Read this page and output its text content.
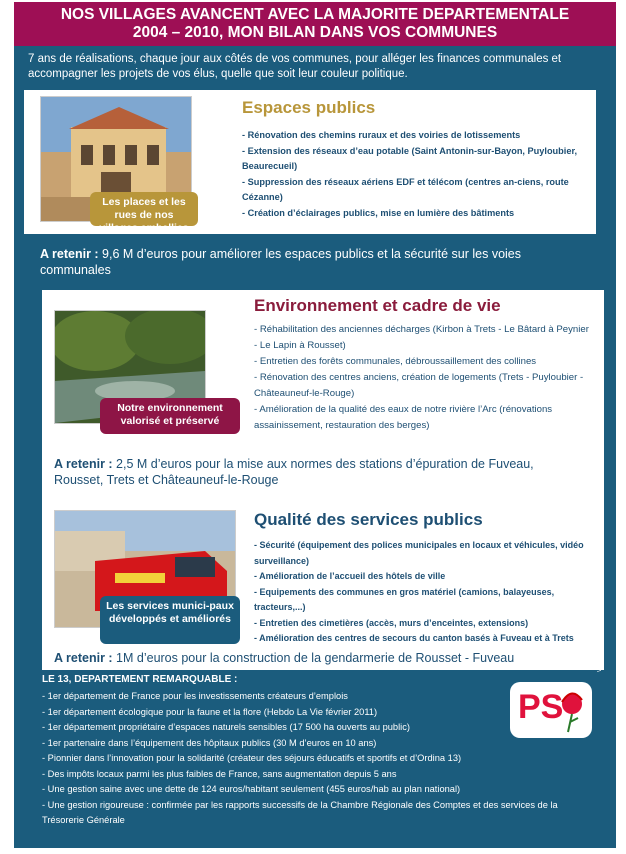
NOS VILLAGES AVANCENT AVEC LA MAJORITE DEPARTEMENTALE
2004 – 2010, MON BILAN DANS VOS COMMUNES
7 ans de réalisations, chaque jour aux côtés de vos communes, pour alléger les finances communales et accompagner les projets de vos élus, quelle que soit leur couleur politique.
Les places et les rues de nos villages embellies
Espaces publics
- Rénovation des chemins ruraux et des voiries de lotissements
- Extension des réseaux d’eau potable (Saint Antonin-sur-Bayon, Puyloubier, Beaurecueil)
- Suppression des réseaux aériens EDF et télécom (centres an-ciens, route Cézanne)
- Création d’éclairages publics, mise en lumière des bâtiments
A retenir : 9,6 M d’euros pour améliorer les espaces publics et la sécurité sur les voies communales
Notre environnement valorisé et préservé
Environnement et cadre de vie
- Réhabilitation des anciennes décharges (Kirbon à Trets - Le Bâtard à Peynier - Le Lapin à Rousset)
- Entretien des forêts communales, débroussaillement des collines
- Rénovation des centres anciens, création de logements (Trets - Puyloubier - Châteauneuf-le-Rouge)
- Amélioration de la qualité des eaux de notre rivière l’Arc (rénovations assainissement, restauration des berges)
A retenir : 2,5 M d’euros pour la mise aux normes des stations d’épuration de Fuveau, Rousset, Trets et Châteauneuf-le-Rouge
Les services munici-paux développés et améliorés
Qualité des services publics
- Sécurité (équipement des polices municipales en locaux et véhicules, vidéo surveillance)
- Amélioration de l’accueil des hôtels de ville
- Equipements des communes en gros matériel (camions, balayeuses, tracteurs,...)
- Entretien des cimetières (accès, murs d’enceintes, extensions)
- Amélioration des centres de secours du canton basés à Fuveau et à Trets
A retenir : 1M d’euros pour la construction de la gendarmerie de Rousset - Fuveau
LE 13, DEPARTEMENT REMARQUABLE :
- 1er département de France pour les investissements créateurs d’emplois
- 1er département écologique pour la faune et la flore (Hebdo La Vie février 2011)
- 1er département propriétaire d’espaces naturels sensibles (17 500 ha ouverts au public)
- 1er partenaire dans l’équipement des hôpitaux publics (30 M d’euros en 10 ans)
- Pionnier dans l’innovation pour la solidarité (créateur des séjours éducatifs et sportifs et d’Ordina 13)
- Des impôts locaux parmi les plus faibles de France, sans augmentation depuis 5 ans
- Une gestion saine avec une dette de 124 euros/habitant seulement (455 euros/hab au plan national)
- Une gestion rigoureuse : confirmée par les rapports successifs de la Chambre Régionale des Comptes et des services de la Trésorerie Générale
PS
Vu le candidat · Ne pas jeter sur la voie publique · papier recyclé
